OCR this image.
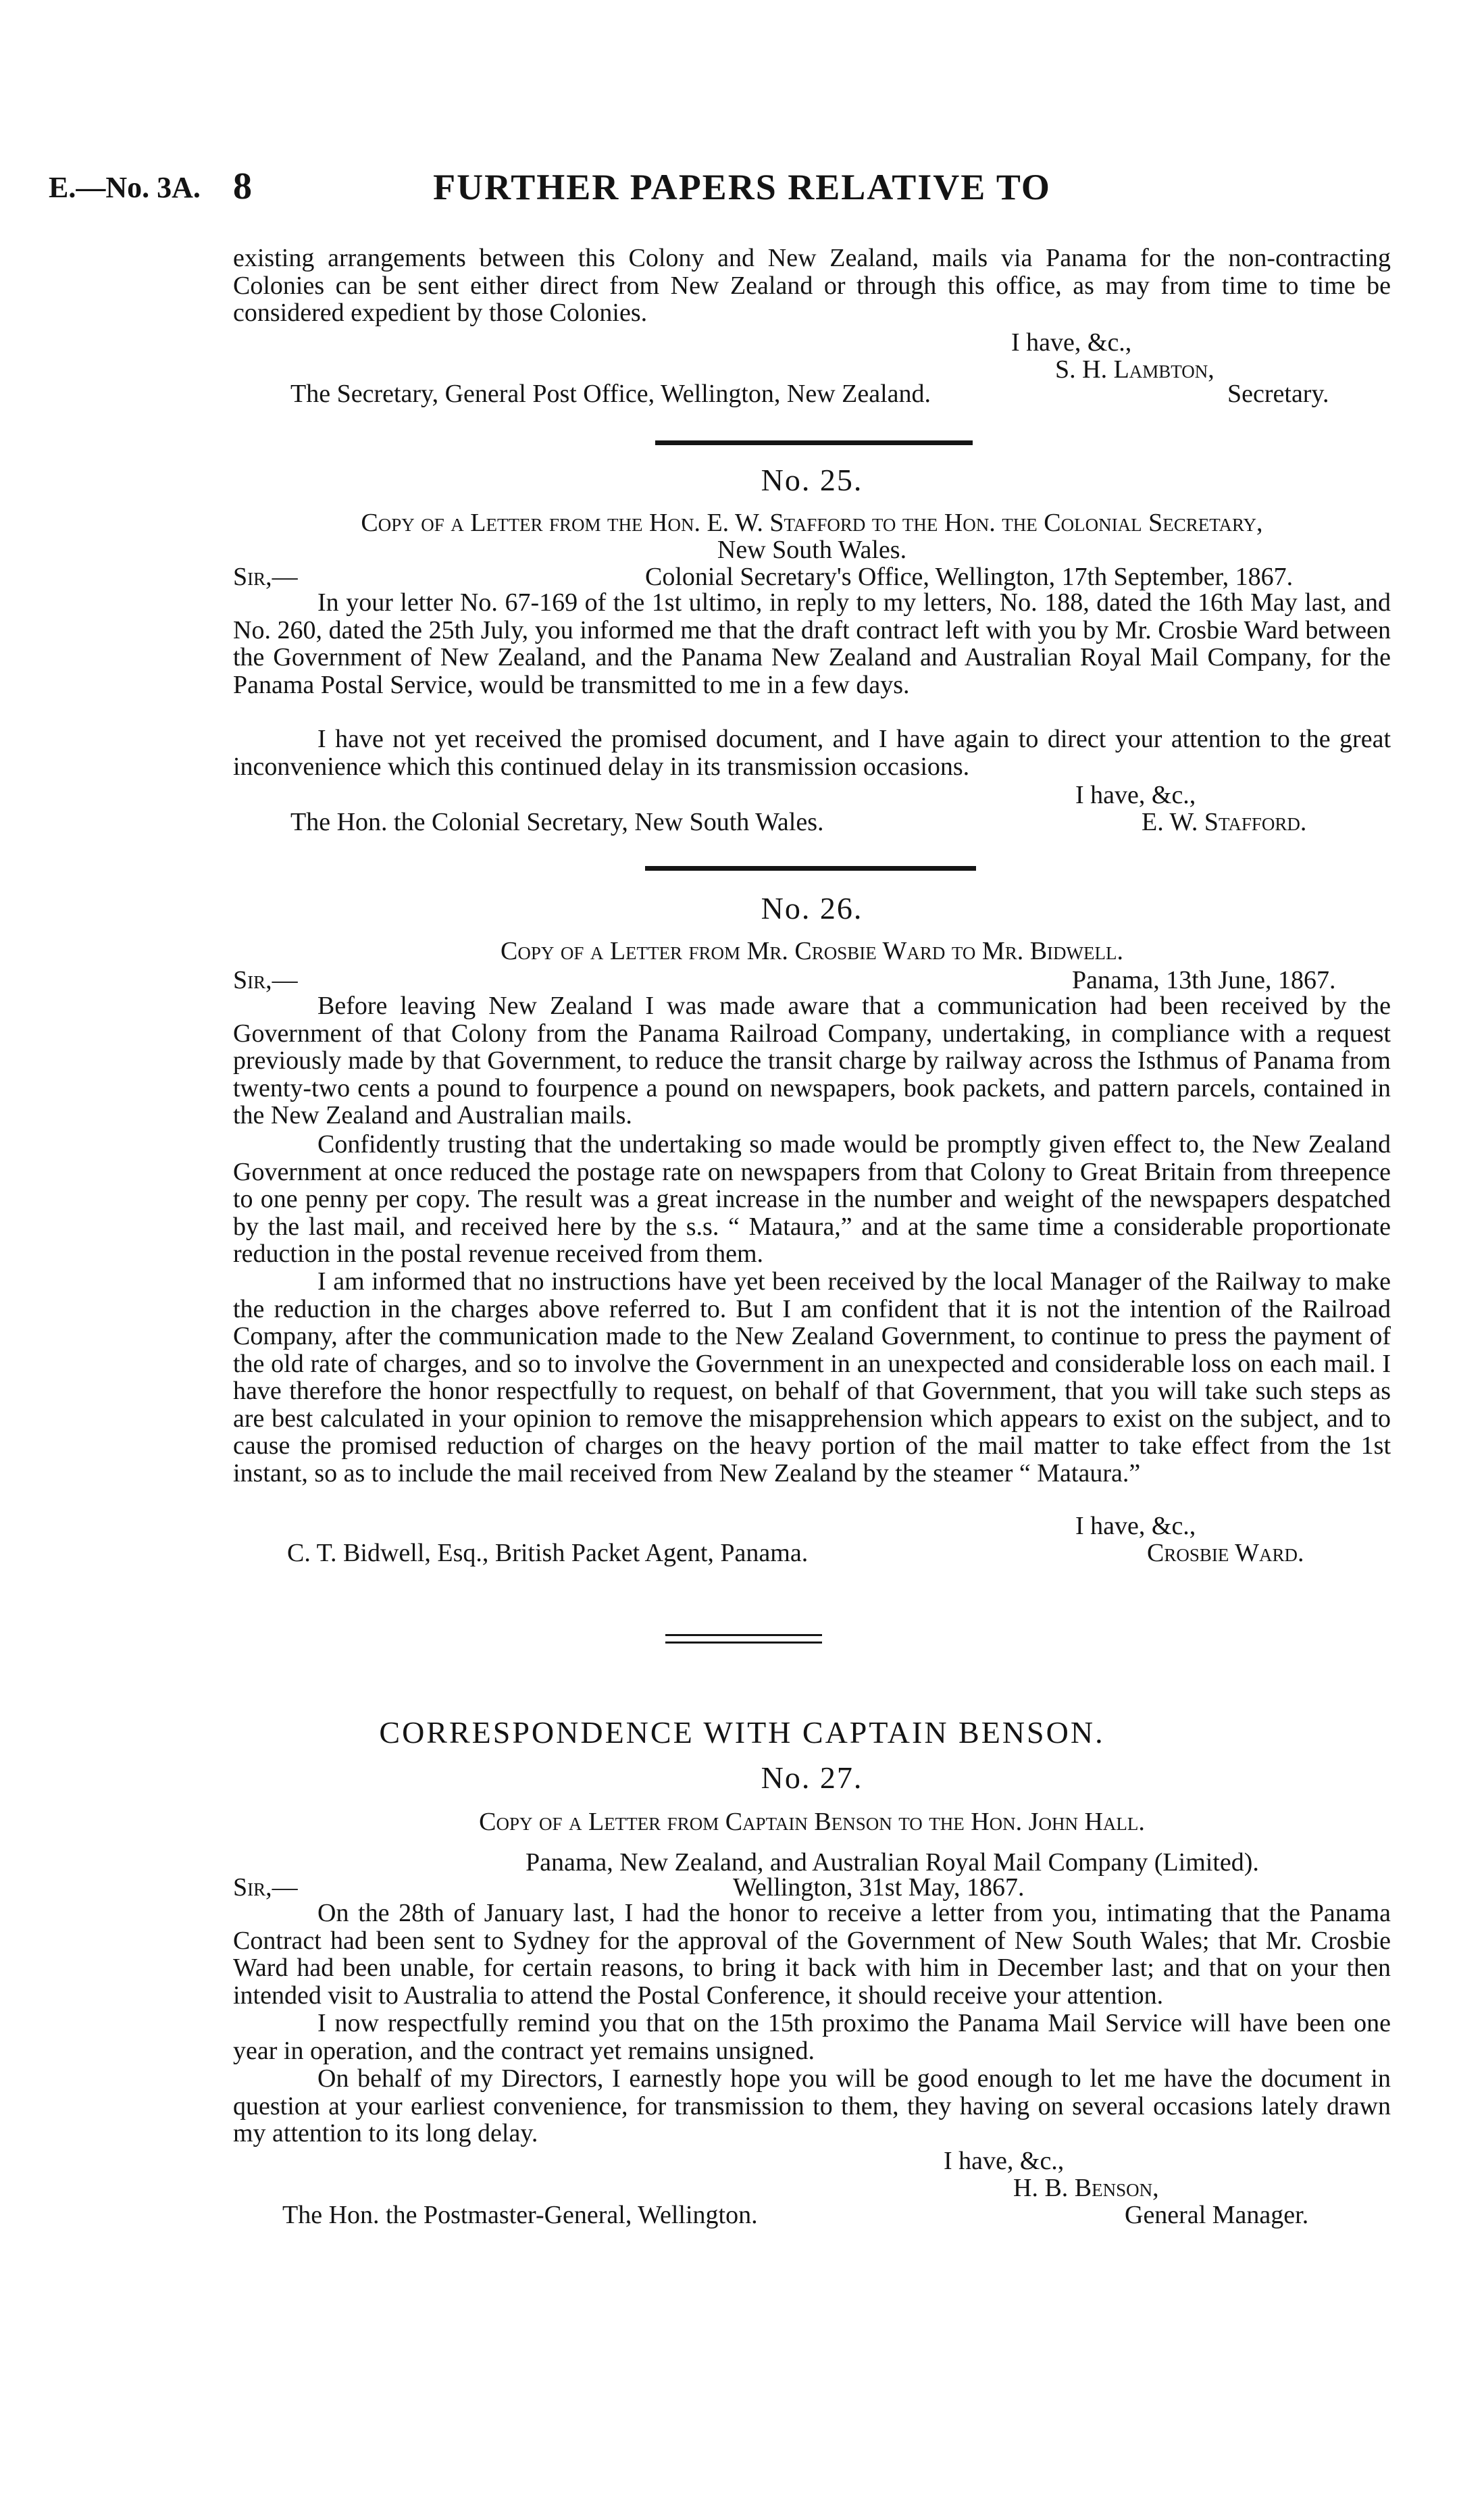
E.—No. 3A. 8	FURTHER PAPERS RELATIVE TO
existing arrangements between this Colony and New Zealand, mails via Panama for the non-contracting Colonies can be sent either direct from New Zealand or through this office, as may from time to time be considered expedient by those Colonies.
I have, &c.,
S. H. Lambton,
The Secretary, General Post Office, Wellington, New Zealand.	Secretary.
No. 25.
Copy of a Letter from the Hon. E. W. Stafford to the Hon. the Colonial Secretary,
New South Wales.
Sir,—	Colonial Secretary's Office, Wellington, 17th September, 1867.
In your letter No. 67-169 of the 1st ultimo, in reply to my letters, No. 188, dated the 16th May last, and No. 260, dated the 25th July, you informed me that the draft contract left with you by Mr. Crosbie Ward between the Government of New Zealand, and the Panama New Zealand and Australian Royal Mail Company, for the Panama Postal Service, would be transmitted to me in a few days.
I have not yet received the promised document, and I have again to direct your attention to the great inconvenience which this continued delay in its transmission occasions.
I have, &c.,
The Hon. the Colonial Secretary, New South Wales.	E. W. Stafford.
No. 26.
Copy of a Letter from Mr. Crosbie Ward to Mr. Bidwell.
Sir,—	Panama, 13th June, 1867.
Before leaving New Zealand I was made aware that a communication had been received by the Government of that Colony from the Panama Railroad Company, undertaking, in compliance with a request previously made by that Government, to reduce the transit charge by railway across the Isthmus of Panama from twenty-two cents a pound to fourpence a pound on newspapers, book packets, and pattern parcels, contained in the New Zealand and Australian mails.
Confidently trusting that the undertaking so made would be promptly given effect to, the New Zealand Government at once reduced the postage rate on newspapers from that Colony to Great Britain from threepence to one penny per copy. The result was a great increase in the number and weight of the newspapers despatched by the last mail, and received here by the s.s. “ Mataura,” and at the same time a considerable proportionate reduction in the postal revenue received from them.
I am informed that no instructions have yet been received by the local Manager of the Railway to make the reduction in the charges above referred to. But I am confident that it is not the intention of the Railroad Company, after the communication made to the New Zealand Government, to continue to press the payment of the old rate of charges, and so to involve the Government in an unexpected and considerable loss on each mail. I have therefore the honor respectfully to request, on behalf of that Government, that you will take such steps as are best calculated in your opinion to remove the misapprehension which appears to exist on the subject, and to cause the promised reduction of charges on the heavy portion of the mail matter to take effect from the 1st instant, so as to include the mail received from New Zealand by the steamer “ Mataura.”
I have, &c.,
C. T. Bidwell, Esq., British Packet Agent, Panama.	Crosbie Ward.
CORRESPONDENCE WITH CAPTAIN BENSON.
No. 27.
Copy of a Letter from Captain Benson to the Hon. John Hall.
Panama, New Zealand, and Australian Royal Mail Company (Limited).
Sir,—	Wellington, 31st May, 1867.
On the 28th of January last, I had the honor to receive a letter from you, intimating that the Panama Contract had been sent to Sydney for the approval of the Government of New South Wales; that Mr. Crosbie Ward had been unable, for certain reasons, to bring it back with him in December last; and that on your then intended visit to Australia to attend the Postal Conference, it should receive your attention.
I now respectfully remind you that on the 15th proximo the Panama Mail Service will have been one year in operation, and the contract yet remains unsigned.
On behalf of my Directors, I earnestly hope you will be good enough to let me have the document in question at your earliest convenience, for transmission to them, they having on several occasions lately drawn my attention to its long delay.
I have, &c.,
H. B. Benson,
The Hon. the Postmaster-General, Wellington.	General Manager.
